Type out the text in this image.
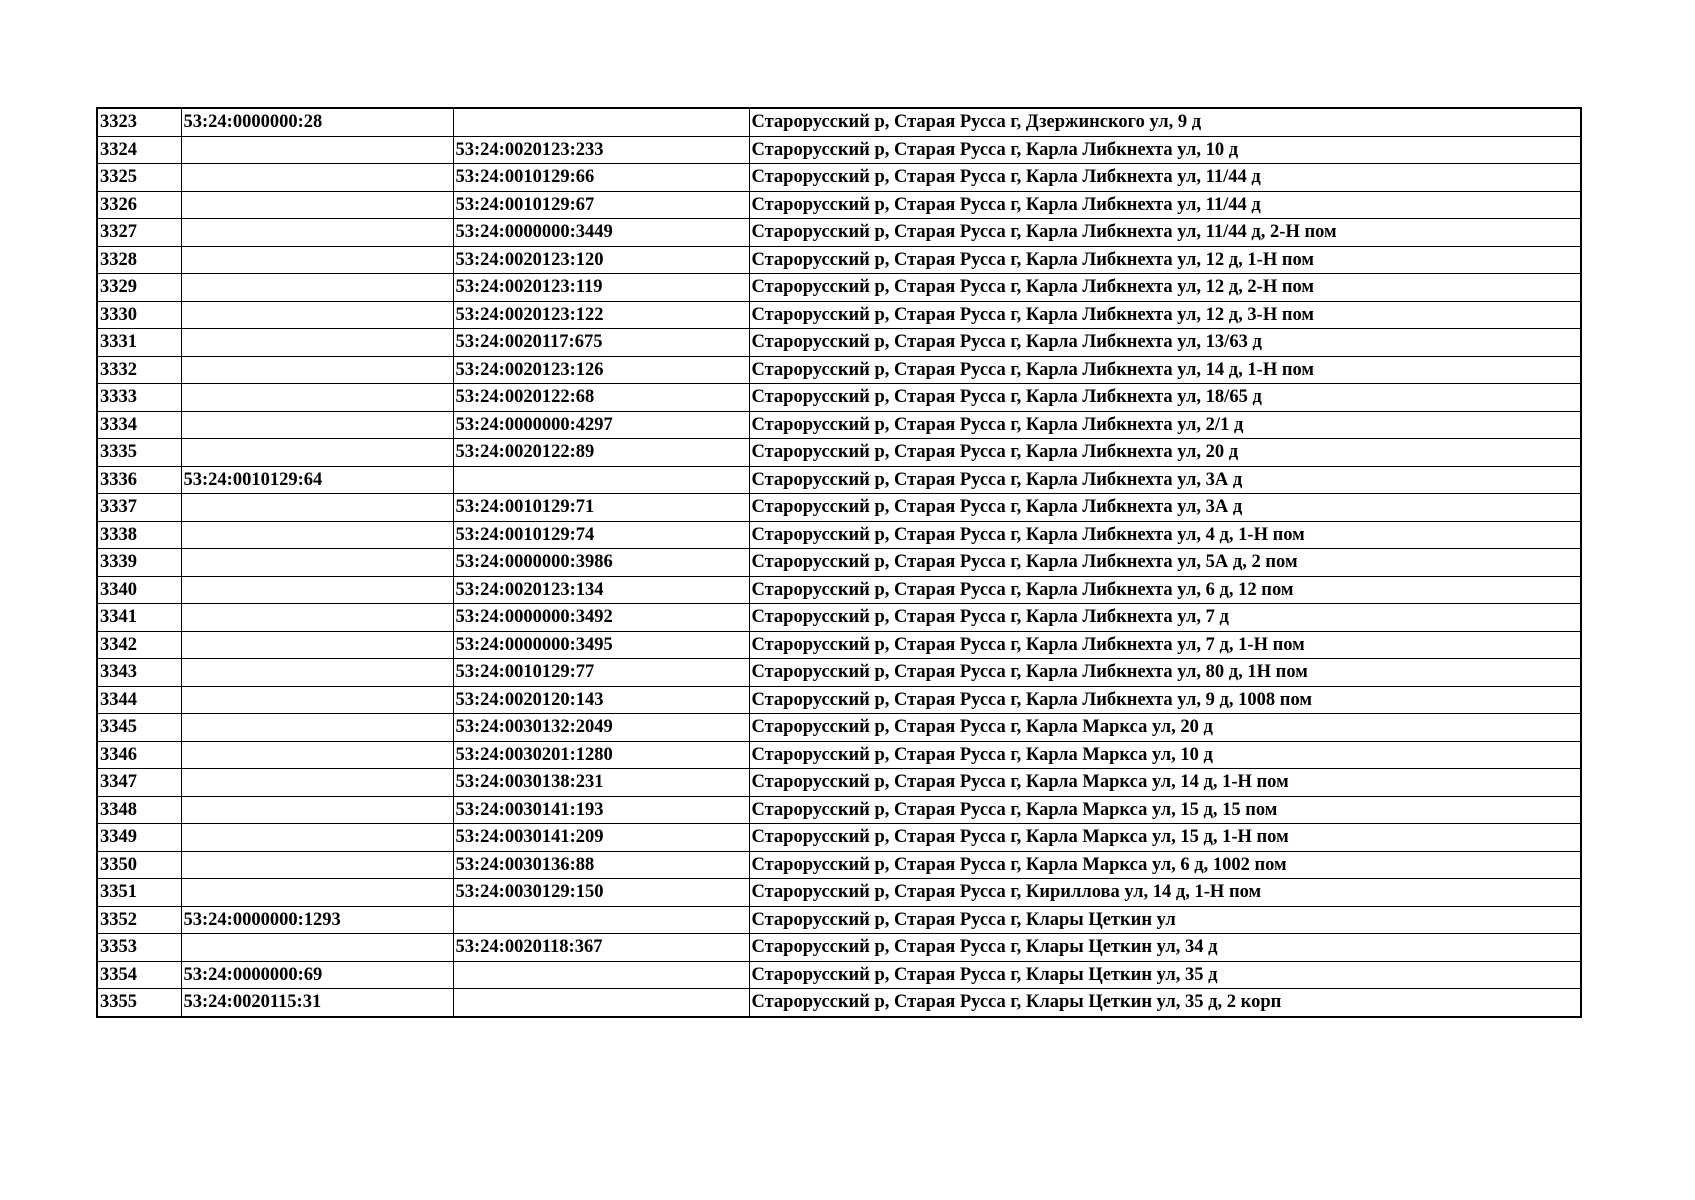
3323	53:24:0000000:28		Старорусский р, Старая Русса г, Дзержинского ул, 9 д
3324		53:24:0020123:233	Старорусский р, Старая Русса г, Карла Либкнехта ул, 10 д
3325		53:24:0010129:66	Старорусский р, Старая Русса г, Карла Либкнехта ул, 11/44 д
3326		53:24:0010129:67	Старорусский р, Старая Русса г, Карла Либкнехта ул, 11/44 д
3327		53:24:0000000:3449	Старорусский р, Старая Русса г, Карла Либкнехта ул, 11/44 д, 2-Н пом
3328		53:24:0020123:120	Старорусский р, Старая Русса г, Карла Либкнехта ул, 12 д, 1-Н пом
3329		53:24:0020123:119	Старорусский р, Старая Русса г, Карла Либкнехта ул, 12 д, 2-Н пом
3330		53:24:0020123:122	Старорусский р, Старая Русса г, Карла Либкнехта ул, 12 д, 3-Н пом
3331		53:24:0020117:675	Старорусский р, Старая Русса г, Карла Либкнехта ул, 13/63 д
3332		53:24:0020123:126	Старорусский р, Старая Русса г, Карла Либкнехта ул, 14 д, 1-Н пом
3333		53:24:0020122:68	Старорусский р, Старая Русса г, Карла Либкнехта ул, 18/65 д
3334		53:24:0000000:4297	Старорусский р, Старая Русса г, Карла Либкнехта ул, 2/1 д
3335		53:24:0020122:89	Старорусский р, Старая Русса г, Карла Либкнехта ул, 20 д
3336	53:24:0010129:64		Старорусский р, Старая Русса г, Карла Либкнехта ул, 3А д
3337		53:24:0010129:71	Старорусский р, Старая Русса г, Карла Либкнехта ул, 3А д
3338		53:24:0010129:74	Старорусский р, Старая Русса г, Карла Либкнехта ул, 4 д, 1-Н пом
3339		53:24:0000000:3986	Старорусский р, Старая Русса г, Карла Либкнехта ул, 5А д, 2 пом
3340		53:24:0020123:134	Старорусский р, Старая Русса г, Карла Либкнехта ул, 6 д, 12 пом
3341		53:24:0000000:3492	Старорусский р, Старая Русса г, Карла Либкнехта ул, 7 д
3342		53:24:0000000:3495	Старорусский р, Старая Русса г, Карла Либкнехта ул, 7 д, 1-Н пом
3343		53:24:0010129:77	Старорусский р, Старая Русса г, Карла Либкнехта ул, 80 д, 1Н пом
3344		53:24:0020120:143	Старорусский р, Старая Русса г, Карла Либкнехта ул, 9 д, 1008 пом
3345		53:24:0030132:2049	Старорусский р, Старая Русса г, Карла Маркса ул, 20 д
3346		53:24:0030201:1280	Старорусский р, Старая Русса г, Карла Маркса ул, 10 д
3347		53:24:0030138:231	Старорусский р, Старая Русса г, Карла Маркса ул, 14 д, 1-Н пом
3348		53:24:0030141:193	Старорусский р, Старая Русса г, Карла Маркса ул, 15 д, 15 пом
3349		53:24:0030141:209	Старорусский р, Старая Русса г, Карла Маркса ул, 15 д, 1-Н пом
3350		53:24:0030136:88	Старорусский р, Старая Русса г, Карла Маркса ул, 6 д, 1002 пом
3351		53:24:0030129:150	Старорусский р, Старая Русса г, Кириллова ул, 14 д, 1-Н пом
3352	53:24:0000000:1293		Старорусский р, Старая Русса г, Клары Цеткин ул
3353		53:24:0020118:367	Старорусский р, Старая Русса г, Клары Цеткин ул, 34 д
3354	53:24:0000000:69		Старорусский р, Старая Русса г, Клары Цеткин ул, 35 д
3355	53:24:0020115:31		Старорусский р, Старая Русса г, Клары Цеткин ул, 35 д, 2 корп
